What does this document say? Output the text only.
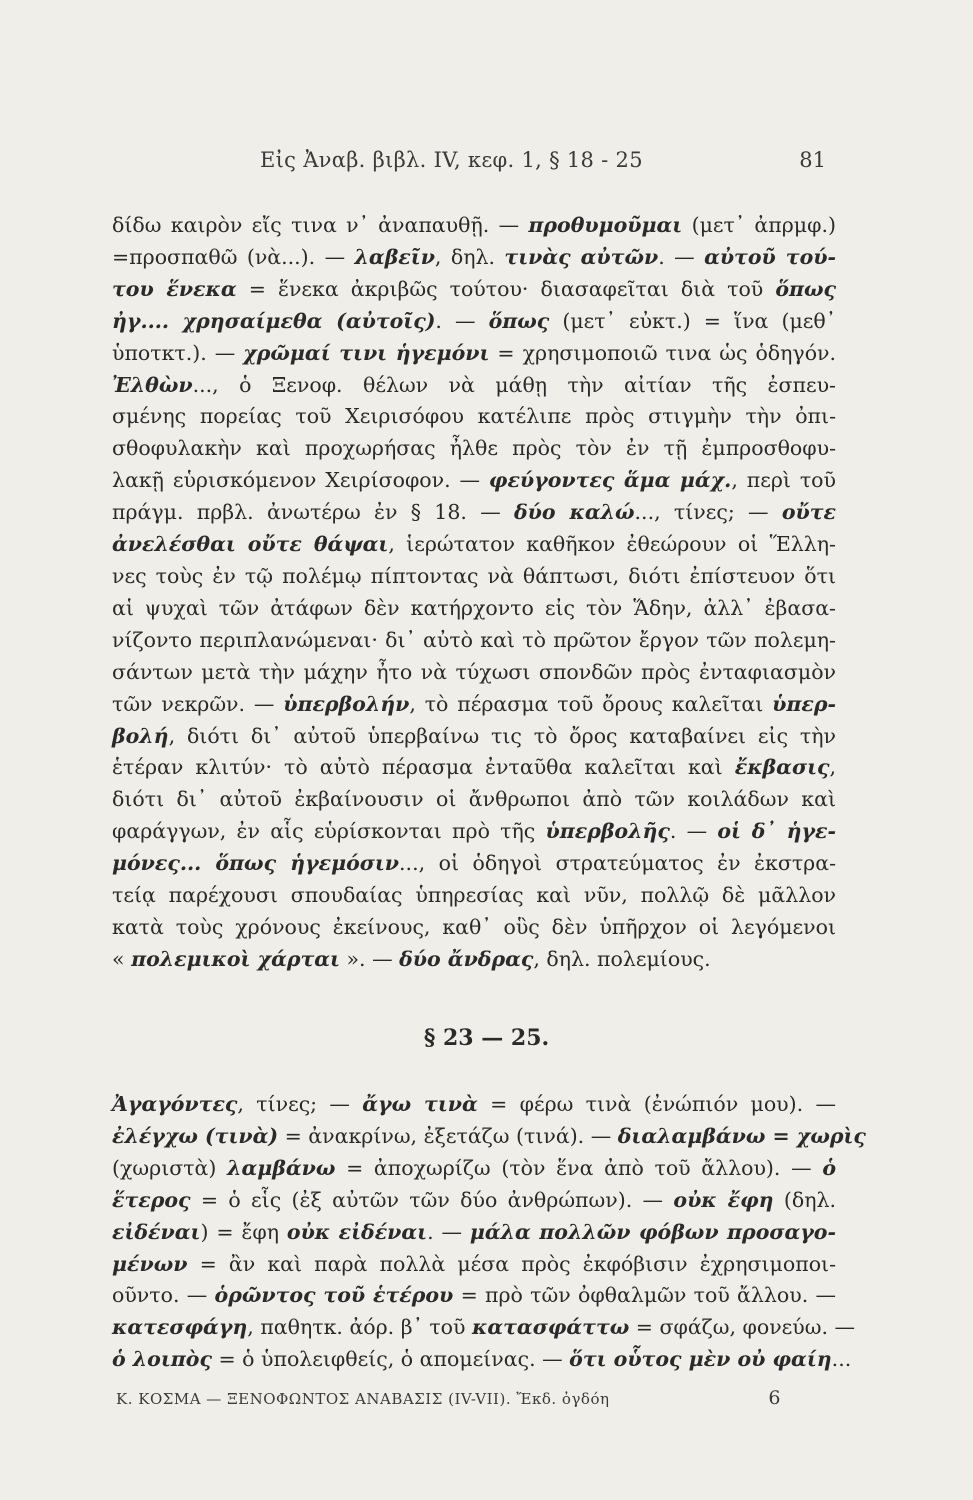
Εἰς Ἀναβ. βιβλ. IV, κεφ. 1, § 18 - 25	81
δίδω καιρὸν εἴς τινα ν᾽ ἀναπαυθῇ. — προθυμοῦμαι (μετ᾽ ἀπρμφ.)
=προσπαθῶ (νὰ...). — λαβεῖν, δηλ. τινὰς αὐτῶν. — αὐτοῦ τού-
του ἕνεκα = ἕνεκα ἀκριβῶς τούτου· διασαφεῖται διὰ τοῦ ὅπως
ἠγ.... χρησαίμεθα (αὐτοῖς). — ὅπως (μετ᾽ εὐκτ.) = ἵνα (μεθ᾽
ὑποτκτ.). — χρῶμαί τινι ἡγεμόνι = χρησιμοποιῶ τινα ὡς ὁδηγόν.
Ἐλθὼν..., ὁ Ξενοφ. θέλων νὰ μάθῃ τὴν αἰτίαν τῆς ἐσπευ-
σμένης πορείας τοῦ Χειρισόφου κατέλιπε πρὸς στιγμὴν τὴν ὀπι-
σθοφυλακὴν καὶ προχωρήσας ἦλθε πρὸς τὸν ἐν τῇ ἐμπροσθοφυ-
λακῇ εὑρισκόμενον Χειρίσοφον. — φεύγοντες ἅμα μάχ., περὶ τοῦ
πράγμ. πρβλ. ἀνωτέρω ἐν § 18. — δύο καλώ..., τίνες; — οὔτε
ἀνελέσθαι οὔτε θάψαι, ἱερώτατον καθῆκον ἐθεώρουν οἱ Ἕλλη-
νες τοὺς ἐν τῷ πολέμῳ πίπτοντας νὰ θάπτωσι, διότι ἐπίστευον ὅτι
αἱ ψυχαὶ τῶν ἀτάφων δὲν κατήρχοντο εἰς τὸν Ἅδην, ἀλλ᾽ ἐβασα-
νίζοντο περιπλανώμεναι· δι᾽ αὐτὸ καὶ τὸ πρῶτον ἔργον τῶν πολεμη-
σάντων μετὰ τὴν μάχην ἦτο νὰ τύχωσι σπονδῶν πρὸς ἐνταφιασμὸν
τῶν νεκρῶν. — ὑπερβολήν, τὸ πέρασμα τοῦ ὄρους καλεῖται ὑπερ-
βολή, διότι δι᾽ αὐτοῦ ὑπερβαίνω τις τὸ ὄρος καταβαίνει εἰς τὴν
ἑτέραν κλιτύν· τὸ αὐτὸ πέρασμα ἐνταῦθα καλεῖται καὶ ἔκβασις,
διότι δι᾽ αὐτοῦ ἐκβαίνουσιν οἱ ἄνθρωποι ἀπὸ τῶν κοιλάδων καὶ
φαράγγων, ἐν αἷς εὑρίσκονται πρὸ τῆς ὑπερβολῆς. — οἱ δ᾽ ἡγε-
μόνες... ὅπως ἡγεμόσιν..., οἱ ὁδηγοὶ στρατεύματος ἐν ἐκστρα-
τείᾳ παρέχουσι σπουδαίας ὑπηρεσίας καὶ νῦν, πολλῷ δὲ μᾶλλον
κατὰ τοὺς χρόνους ἐκείνους, καθ᾽ οὓς δὲν ὑπῆρχον οἱ λεγόμενοι
« πολεμικοὶ χάρται ». — δύο ἄνδρας, δηλ. πολεμίους.
§ 23 — 25.
Ἀγαγόντες, τίνες; — ἄγω τινὰ = φέρω τινὰ (ἐνώπιόν μου). —
ἐλέγχω (τινὰ) = ἀνακρίνω, ἐξετάζω (τινά). — διαλαμβάνω = χωρὶς
(χωριστὰ) λαμβάνω = ἀποχωρίζω (τὸν ἕνα ἀπὸ τοῦ ἄλλου). — ὁ
ἕτερος = ὁ εἷς (ἐξ αὐτῶν τῶν δύο ἀνθρώπων). — οὐκ ἔφη (δηλ.
εἰδέναι) = ἔφη οὐκ εἰδέναι. — μάλα πολλῶν φόβων προσαγο-
μένων = ἂν καὶ παρὰ πολλὰ μέσα πρὸς ἐκφόβισιν ἐχρησιμοποι-
οῦντο. — ὁρῶντος τοῦ ἑτέρου = πρὸ τῶν ὀφθαλμῶν τοῦ ἄλλου. —
κατεσφάγη, παθητκ. ἀόρ. β᾽ τοῦ κατασφάττω = σφάζω, φονεύω. —
ὁ λοιπὸς = ὁ ὑπολειφθείς, ὁ απομείνας. — ὅτι οὗτος μὲν οὐ φαίη...
Κ. ΚΟΣΜΑ — ΞΕΝΟΦΩΝΤΟΣ ΑΝΑΒΑΣΙΣ (IV-VII). Ἔκδ. ὀγδόη	6
